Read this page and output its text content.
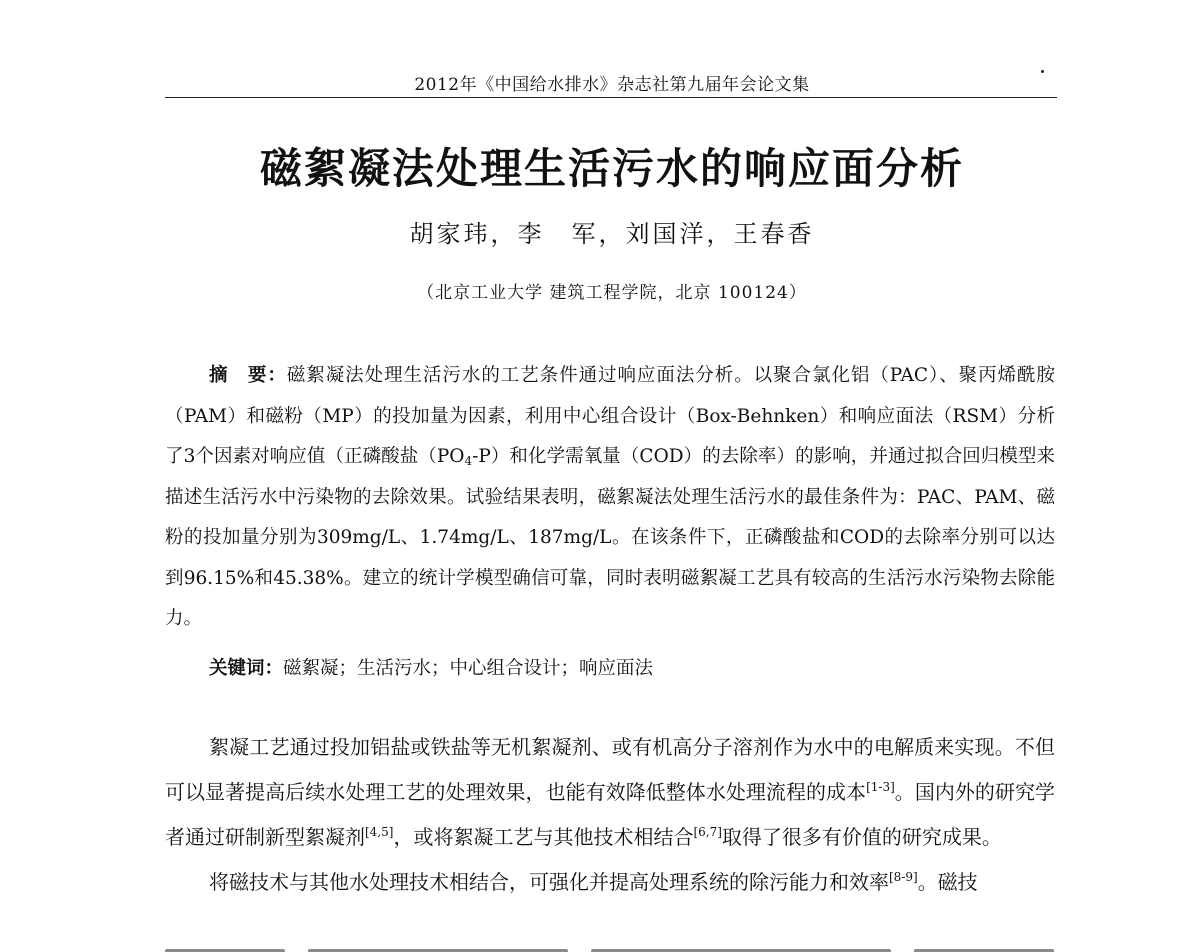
2012年《中国给水排水》杂志社第九届年会论文集
磁絮凝法处理生活污水的响应面分析
胡家玮，李　军，刘国洋，王春香
（北京工业大学 建筑工程学院，北京 100124）

摘　要：磁絮凝法处理生活污水的工艺条件通过响应面法分析。以聚合氯化铝（PAC）、聚丙烯酰胺（PAM）和磁粉（MP）的投加量为因素，利用中心组合设计（Box-Behnken）和响应面法（RSM）分析了3个因素对响应值（正磷酸盐$(PO_4-P)$和化学需氧量（COD）的去除率）的影响，并通过拟合回归模型来描述生活污水中污染物的去除效果。试验结果表明，磁絮凝法处理生活污水的最佳条件为：PAC、PAM、磁粉的投加量分别为309mg/L、1.74mg/L、187mg/L。在该条件下，正磷酸盐和COD的去除率分别可以达到96.15%和45.38%。建立的统计学模型确信可靠，同时表明磁絮凝工艺具有较高的生活污水污染物去除能力。

关键词：磁絮凝；生活污水；中心组合设计；响应面法

絮凝工艺通过投加铝盐或铁盐等无机絮凝剂、或有机高分子溶剂作为水中的电解质来实现。不但可以显著提高后续水处理工艺的处理效果，也能有效降低整体水处理流程的成本[1-3]。国内外的研究学者通过研制新型絮凝剂[4,5]，或将絮凝工艺与其他技术相结合[6,7]取得了很多有价值的研究成果。

将磁技术与其他水处理技术相结合，可强化并提高处理系统的除污能力和效率[8-9]。磁技
